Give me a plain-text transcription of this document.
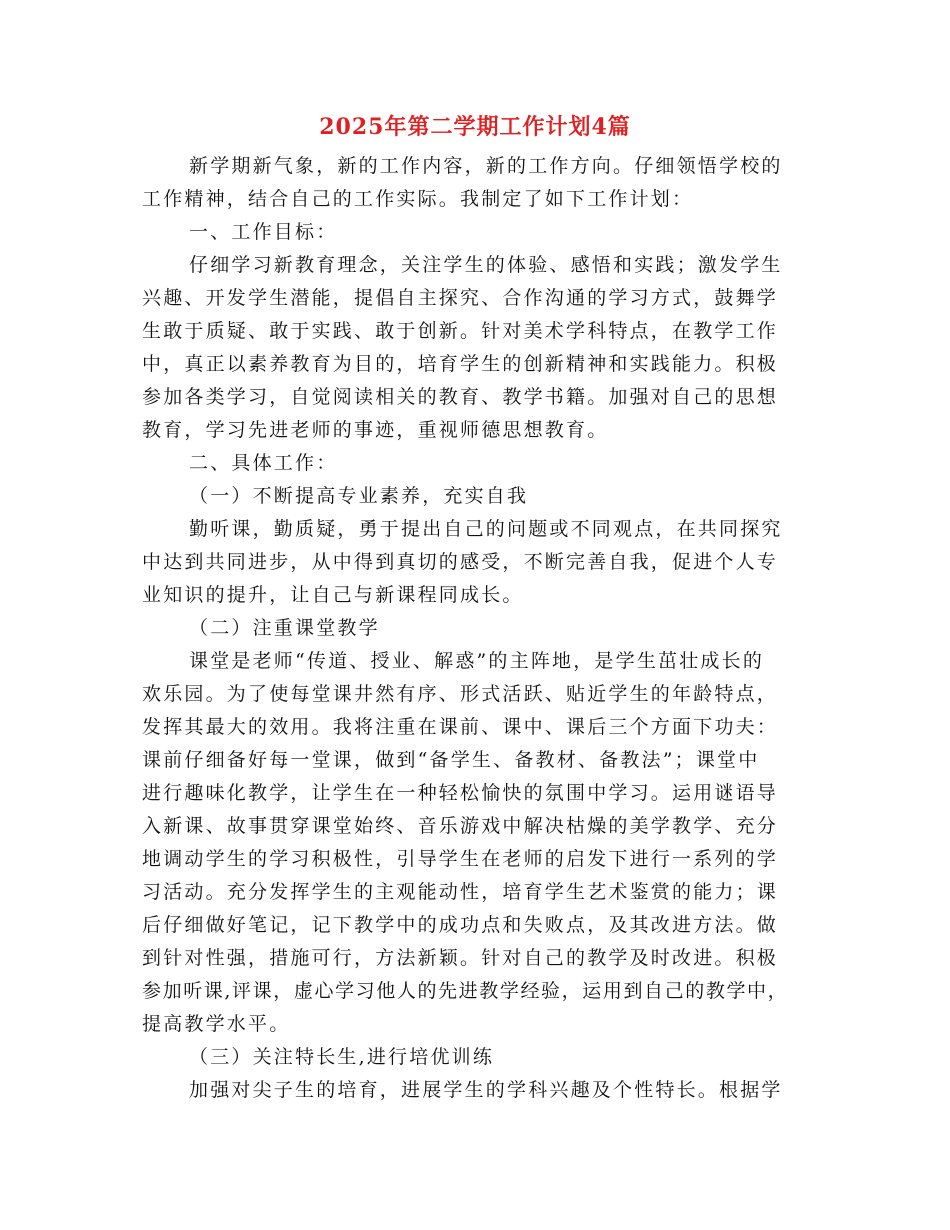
2025年第二学期工作计划4篇
新学期新气象，新的工作内容，新的工作方向。仔细领悟学校的
工作精神，结合自己的工作实际。我制定了如下工作计划：
一、工作目标：
仔细学习新教育理念，关注学生的体验、感悟和实践；激发学生
兴趣、开发学生潜能，提倡自主探究、合作沟通的学习方式，鼓舞学
生敢于质疑、敢于实践、敢于创新。针对美术学科特点，在教学工作
中，真正以素养教育为目的，培育学生的创新精神和实践能力。积极
参加各类学习，自觉阅读相关的教育、教学书籍。加强对自己的思想
教育，学习先进老师的事迹，重视师德思想教育。
二、具体工作：
（一）不断提高专业素养，充实自我
勤听课，勤质疑，勇于提出自己的问题或不同观点，在共同探究
中达到共同进步，从中得到真切的感受，不断完善自我，促进个人专
业知识的提升，让自己与新课程同成长。
（二）注重课堂教学
课堂是老师“传道、授业、解惑”的主阵地，是学生茁壮成长的
欢乐园。为了使每堂课井然有序、形式活跃、贴近学生的年龄特点，
发挥其最大的效用。我将注重在课前、课中、课后三个方面下功夫：
课前仔细备好每一堂课，做到“备学生、备教材、备教法”；课堂中
进行趣味化教学，让学生在一种轻松愉快的氛围中学习。运用谜语导
入新课、故事贯穿课堂始终、音乐游戏中解决枯燥的美学教学、充分
地调动学生的学习积极性，引导学生在老师的启发下进行一系列的学
习活动。充分发挥学生的主观能动性，培育学生艺术鉴赏的能力；课
后仔细做好笔记，记下教学中的成功点和失败点，及其改进方法。做
到针对性强，措施可行，方法新颖。针对自己的教学及时改进。积极
参加听课,评课，虚心学习他人的先进教学经验，运用到自己的教学中，
提高教学水平。
（三）关注特长生,进行培优训练
加强对尖子生的培育，进展学生的学科兴趣及个性特长。根据学
